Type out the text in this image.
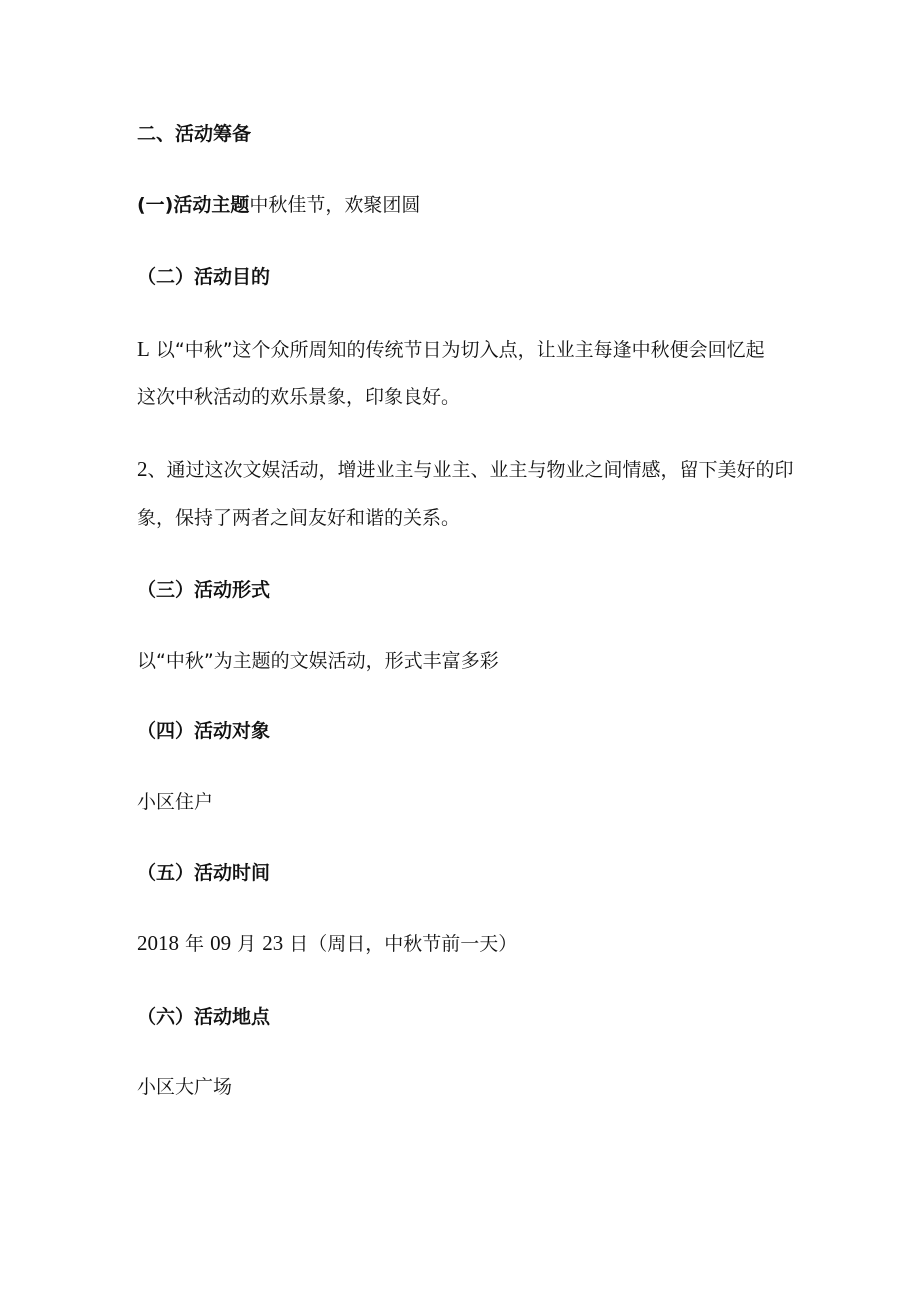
二、活动筹备
(一)活动主题中秋佳节，欢聚团圆
（二）活动目的
L 以“中秋”这个众所周知的传统节日为切入点，让业主每逢中秋便会回忆起
这次中秋活动的欢乐景象，印象良好。
2、通过这次文娱活动，增进业主与业主、业主与物业之间情感，留下美好的印
象，保持了两者之间友好和谐的关系。
（三）活动形式
以“中秋”为主题的文娱活动，形式丰富多彩
（四）活动对象
小区住户
（五）活动时间
2018 年 09 月 23 日（周日，中秋节前一天）
（六）活动地点
小区大广场
